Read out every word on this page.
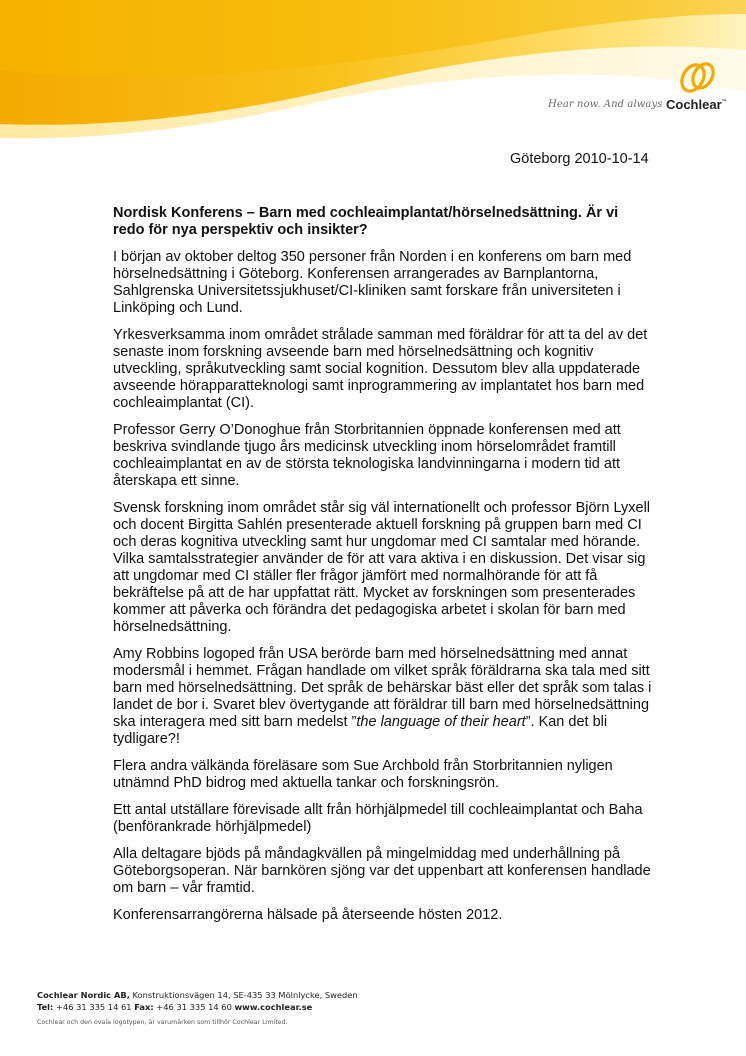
Hear now. And always Cochlear™
Göteborg 2010-10-14
Nordisk Konferens – Barn med cochleaimplantat/hörselnedsättning. Är vi redo för nya perspektiv och insikter?

I början av oktober deltog 350 personer från Norden i en konferens om barn med hörselnedsättning i Göteborg. Konferensen arrangerades av Barnplantorna, Sahlgrenska Universitetssjukhuset/CI-kliniken samt forskare från universiteten i Linköping och Lund.

Yrkesverksamma inom området strålade samman med föräldrar för att ta del av det senaste inom forskning avseende barn med hörselnedsättning och kognitiv utveckling, språkutveckling samt social kognition. Dessutom blev alla uppdaterade avseende hörapparatteknologi samt inprogrammering av implantatet hos barn med cochleaimplantat (CI).

Professor Gerry O’Donoghue från Storbritannien öppnade konferensen med att beskriva svindlande tjugo års medicinsk utveckling inom hörselområdet framtill cochleaimplantat en av de största teknologiska landvinningarna i modern tid att återskapa ett sinne.

Svensk forskning inom området står sig väl internationellt och professor Björn Lyxell och docent Birgitta Sahlén presenterade aktuell forskning på gruppen barn med CI och deras kognitiva utveckling samt hur ungdomar med CI samtalar med hörande. Vilka samtalsstrategier använder de för att vara aktiva i en diskussion. Det visar sig att ungdomar med CI ställer fler frågor jämfört med normalhörande för att få bekräftelse på att de har uppfattat rätt. Mycket av forskningen som presenterades kommer att påverka och förändra det pedagogiska arbetet i skolan för barn med hörselnedsättning.

Amy Robbins logoped från USA berörde barn med hörselnedsättning med annat modersmål i hemmet. Frågan handlade om vilket språk föräldrarna ska tala med sitt barn med hörselnedsättning. Det språk de behärskar bäst eller det språk som talas i landet de bor i. Svaret blev övertygande att föräldrar till barn med hörselnedsättning ska interagera med sitt barn medelst ”the language of their heart”. Kan det bli tydligare?!

Flera andra välkända föreläsare som Sue Archbold från Storbritannien nyligen utnämnd PhD bidrog med aktuella tankar och forskningsrön.

Ett antal utställare förevisade allt från hörhjälpmedel till cochleaimplantat och Baha (benförankrade hörhjälpmedel)

Alla deltagare bjöds på måndagkvällen på mingelmiddag med underhållning på Göteborgsoperan. När barnkören sjöng var det uppenbart att konferensen handlade om barn – vår framtid.

Konferensarrangörerna hälsade på återseende hösten 2012.

Cochlear Nordic AB, Konstruktionsvägen 14, SE-435 33 Mölnlycke, Sweden
Tel: +46 31 335 14 61 Fax: +46 31 335 14 60 www.cochlear.se
Cochlear och den ovala logotypen, är varumärken som tillhör Cochlear Limited.
